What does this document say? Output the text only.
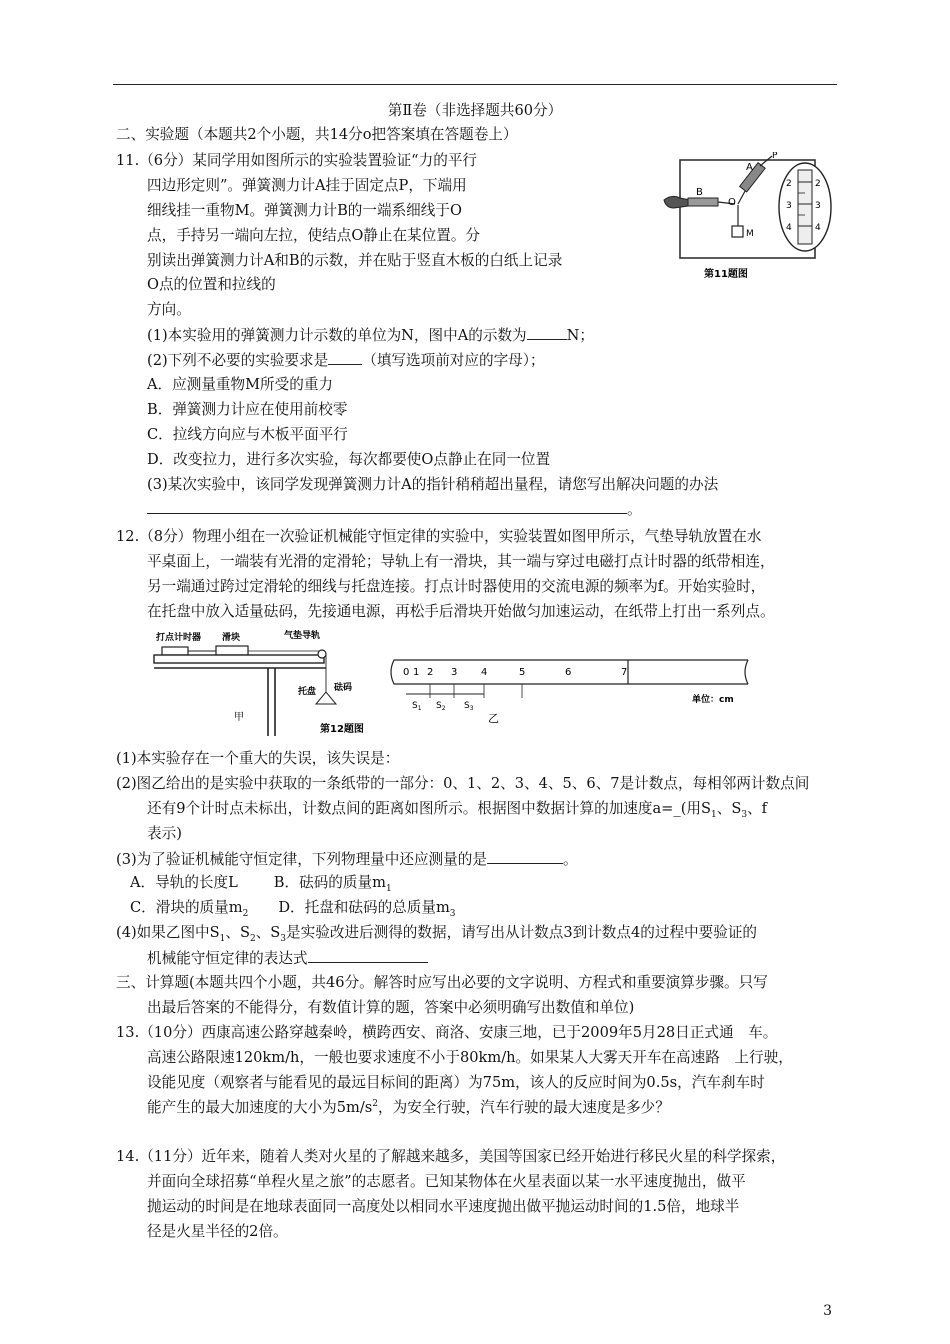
第Ⅱ卷（非选择题共60分）
二、实验题（本题共2个小题，共14分o把答案填在答题卷上）
11.（6分）某同学用如图所示的实验装置验证“力的平行
四边形定则”。弹簧测力计A挂于固定点P，下端用
细线挂一重物M。弹簧测力计B的一端系细线于O
点，手持另一端向左拉，使结点O静止在某位置。分
别读出弹簧测力计A和B的示数，并在贴于竖直木板的白纸上记录
O点的位置和拉线的
方向。
(1)本实验用的弹簧测力计示数的单位为N，图中A的示数为	N；
(2)下列不必要的实验要求是 （填写选项前对应的字母）；
A．应测量重物M所受的重力
B．弹簧测力计应在使用前校零
C．拉线方向应与木板平面平行
D．改变拉力，进行多次实验，每次都要使O点静止在同一位置
(3)某次实验中，该同学发现弹簧测力计A的指针稍稍超出量程，请您写出解决问题的办法
。
B
O
A
P
M
2
3
4
2
3
4
第11题图
12.（8分）物理小组在一次验证机械能守恒定律的实验中，实验装置如图甲所示，气垫导轨放置在水
平桌面上，一端装有光滑的定滑轮；导轨上有一滑块，其一端与穿过电磁打点计时器的纸带相连，
另一端通过跨过定滑轮的细线与托盘连接。打点计时器使用的交流电源的频率为f。开始实验时，
在托盘中放入适量砝码，先接通电源，再松手后滑块开始做匀加速运动，在纸带上打出一系列点。
打点计时器 滑块	气垫导轨
托盘 砝码
甲
第12题图
0 1 2 3 4	5	6	7
$S_1$ $S_2$ $S_3$
乙
单位：cm
(1)本实验存在一个重大的失误，该失误是：
(2)图乙给出的是实验中获取的一条纸带的一部分：0、1、2、3、4、5、6、7是计数点，每相邻两计数点间
还有9个计时点未标出，计数点间的距离如图所示。根据图中数据计算的加速度a=_(用$S_1$、$S_3$、f
表示)
(3)为了验证机械能守恒定律，下列物理量中还应测量的是	。
A．导轨的长度L B．砝码的质量$m_1$
C．滑块的质量$m_2$ D．托盘和砝码的总质量$m_3$
(4)如果乙图中$S_1$、$S_2$、$S_3$是实验改进后测得的数据，请写出从计数点3到计数点4的过程中要验证的
机械能守恒定律的表达式
三、计算题(本题共四个小题，共46分。解答时应写出必要的文字说明、方程式和重要演算步骤。只写
出最后答案的不能得分，有数值计算的题，答案中必须明确写出数值和单位)
13.（10分）西康高速公路穿越秦岭，横跨西安、商洛、安康三地，已于2009年5月28日正式通　车。
高速公路限速120km/h，一般也要求速度不小于80km/h。如果某人大雾天开车在高速路　上行驶，
设能见度（观察者与能看见的最远目标间的距离）为75m，该人的反应时间为0.5s，汽车刹车时
能产生的最大加速度的大小为$5m/s^2$，为安全行驶，汽车行驶的最大速度是多少？
14.（11分）近年来，随着人类对火星的了解越来越多，美国等国家已经开始进行移民火星的科学探索，
并面向全球招募“单程火星之旅”的志愿者。已知某物体在火星表面以某一水平速度抛出，做平
抛运动的时间是在地球表面同一高度处以相同水平速度抛出做平抛运动时间的1.5倍，地球半
径是火星半径的2倍。
3
